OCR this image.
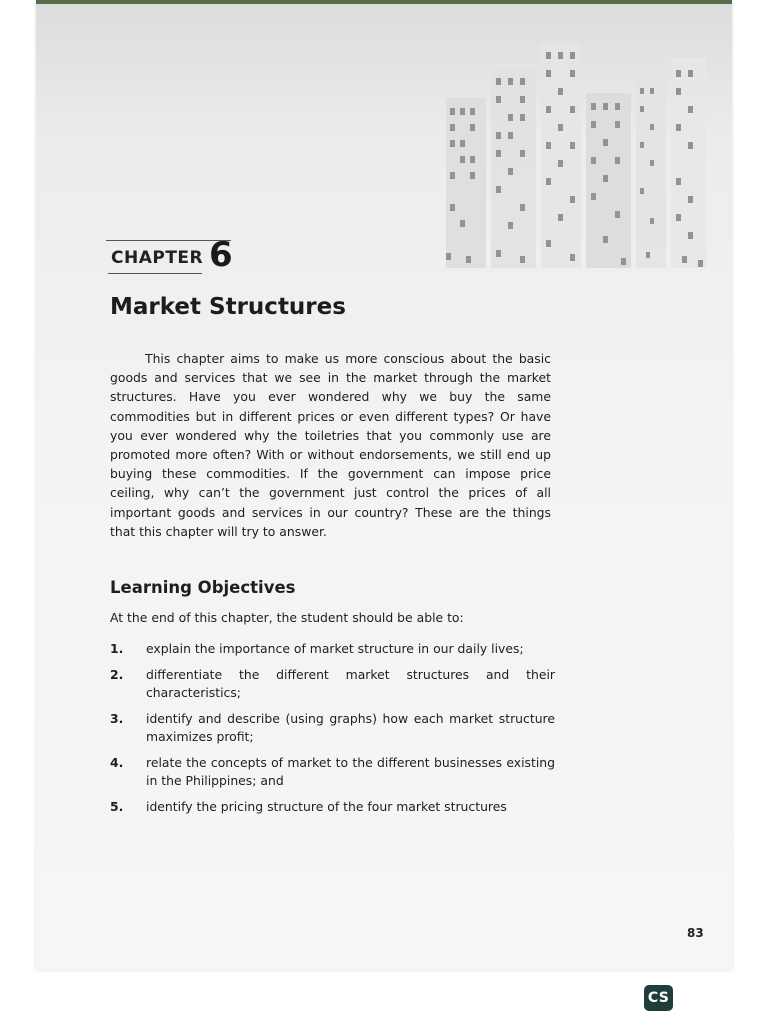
CHAPTER 6
Market Structures

This chapter aims to make us more conscious about the basic goods and services that we see in the market through the market structures. Have you ever wondered why we buy the same commodities but in different prices or even different types? Or have you ever wondered why the toiletries that you commonly use are promoted more often? With or without endorsements, we still end up buying these commodities. If the government can impose price ceiling, why can’t the government just control the prices of all important goods and services in our country? These are the things that this chapter will try to answer.

Learning Objectives
At the end of this chapter, the student should be able to:
1.	explain the importance of market structure in our daily lives;
2.	differentiate the different market structures and their characteristics;
3.	identify and describe (using graphs) how each market structure maximizes profit;
4.	relate the concepts of market to the different businesses existing in the Philippines; and
5.	identify the pricing structure of the four market structures
83
CS
